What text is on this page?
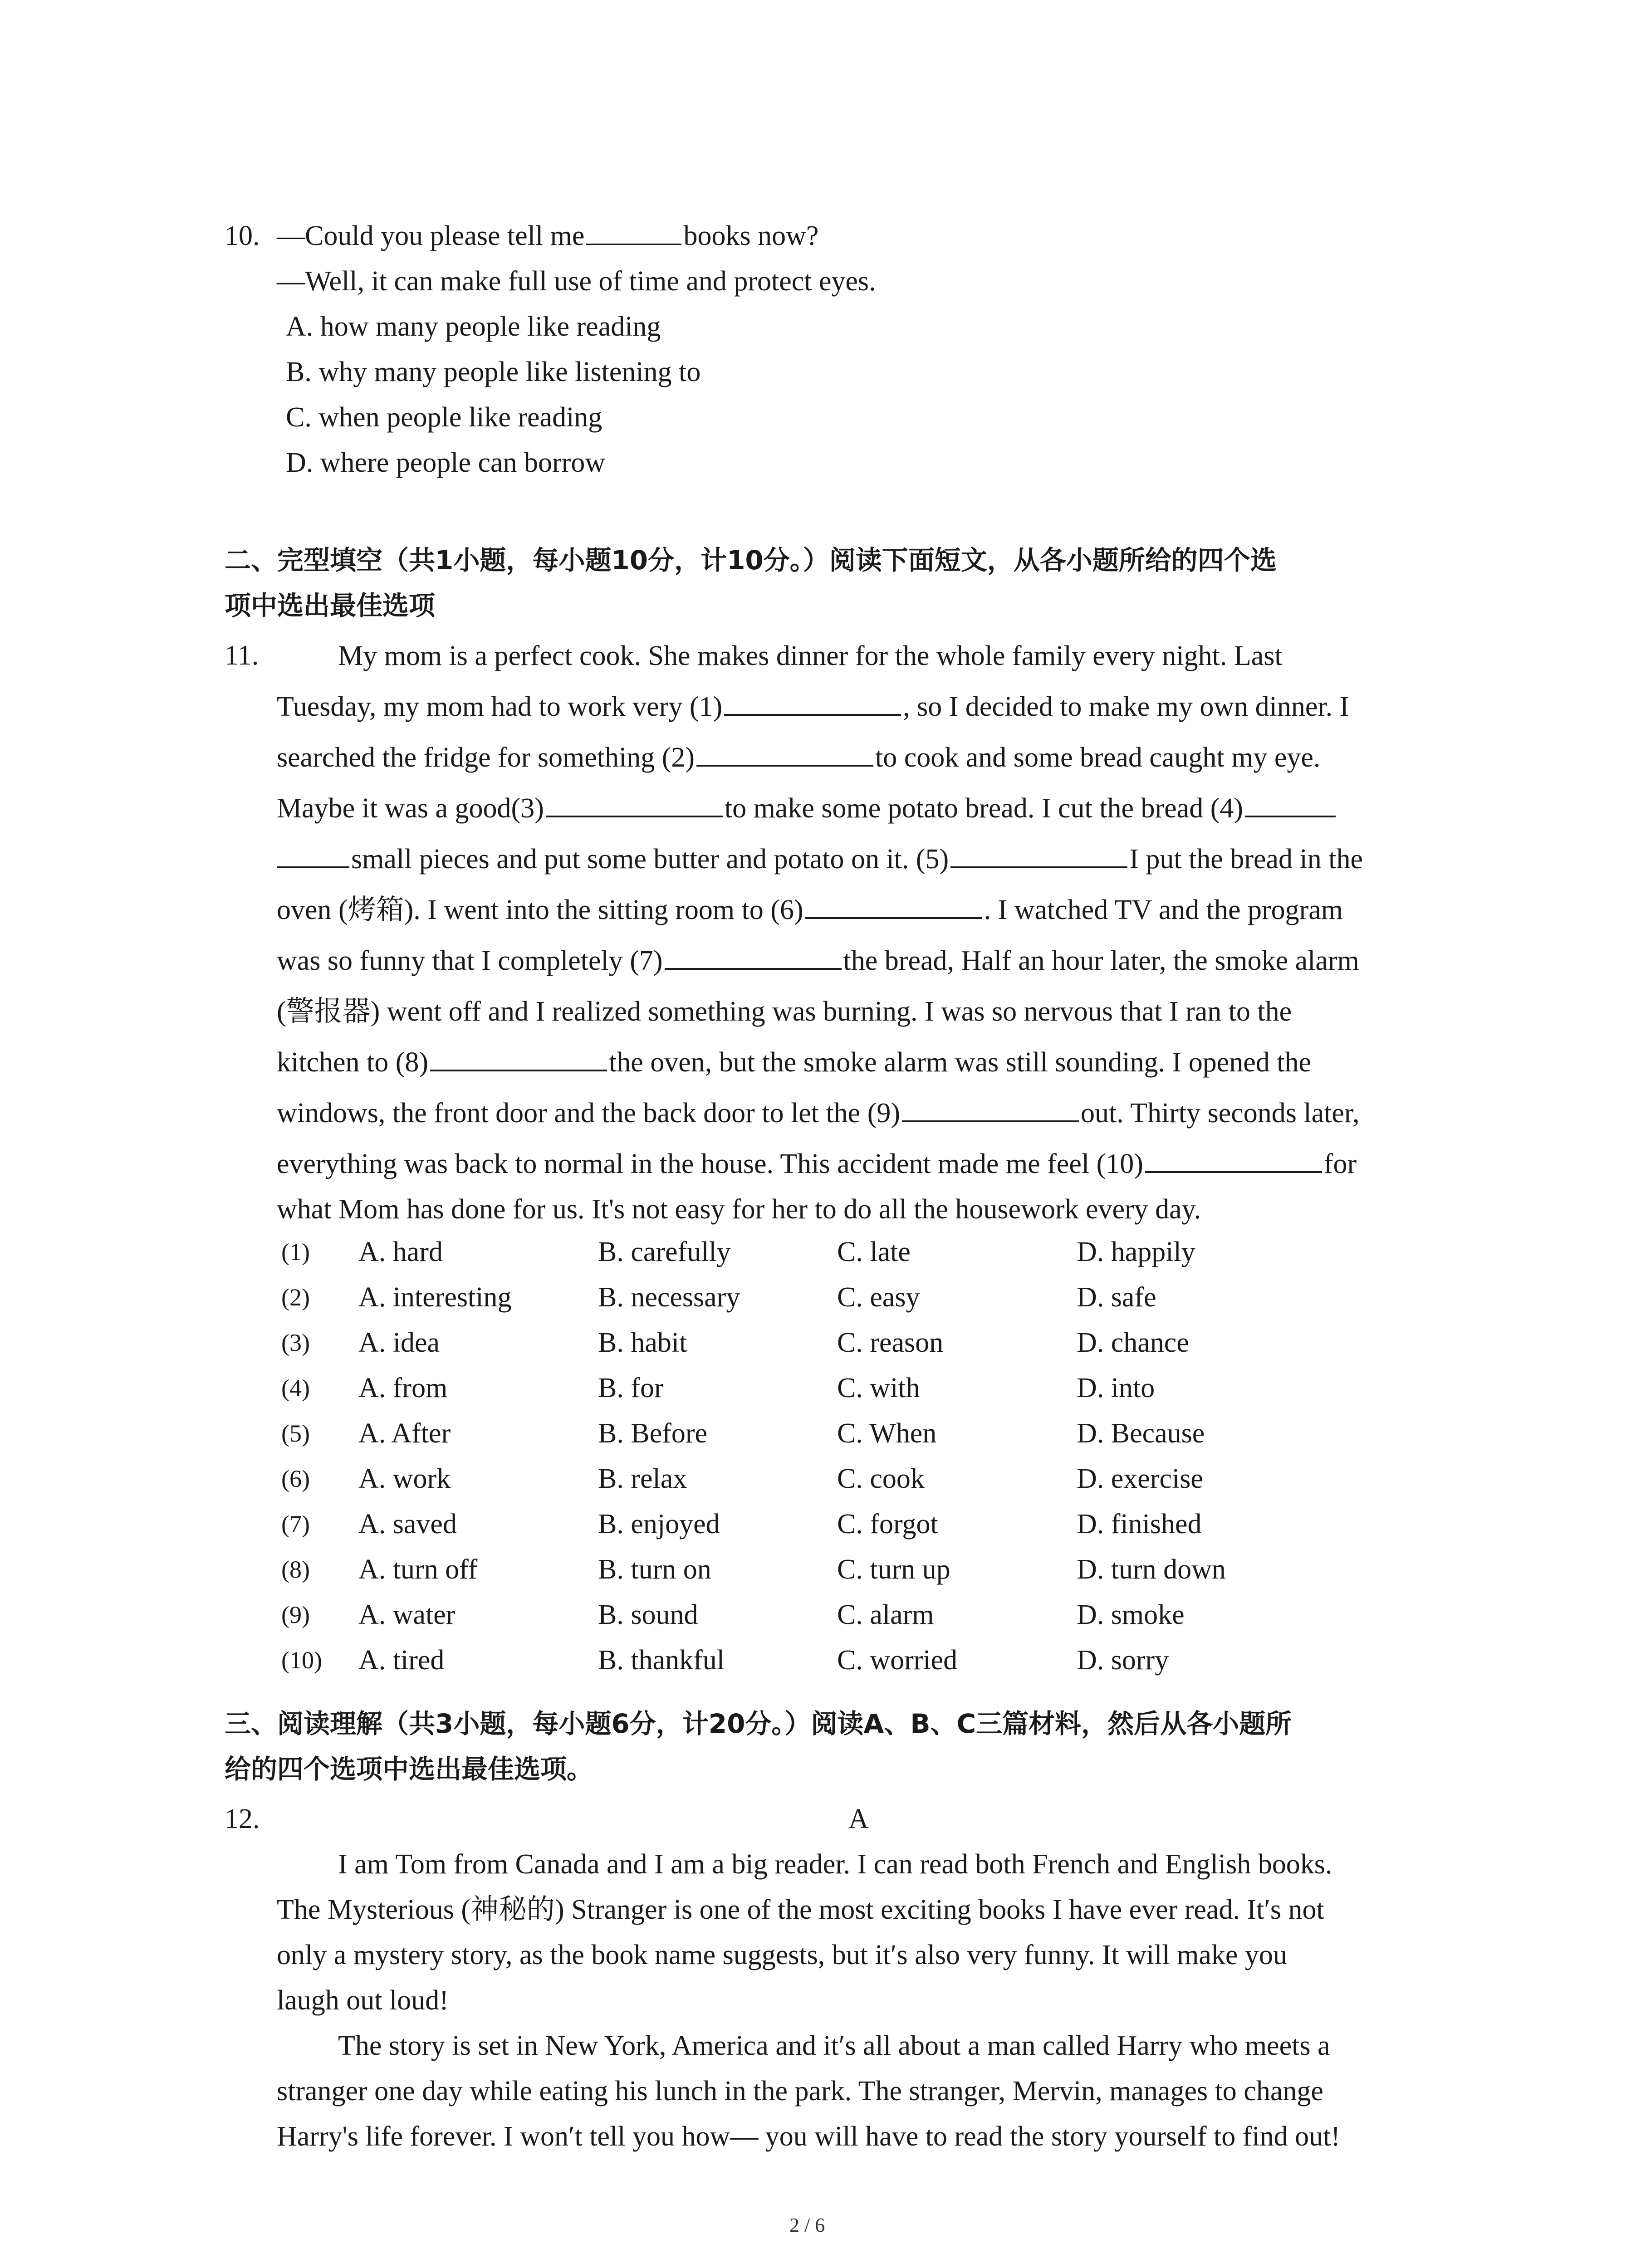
10. —Could you please tell me	books now?
—Well, it can make full use of time and protect eyes.
A. how many people like reading
B. why many people like listening to
C. when people like reading
D. where people can borrow
二、完型填空（共1小题，每小题10分，计10分。）阅读下面短文，从各小题所给的四个选
项中选出最佳选项
11.	My mom is a perfect cook. She makes dinner for the whole family every night. Last
Tuesday, my mom had to work very (1)	, so I decided to make my own dinner. I
searched the fridge for something (2)	to cook and some bread caught my eye.
Maybe it was a good(3)	to make some potato bread. I cut the bread (4)
small pieces and put some butter and potato on it. (5)	I put the bread in the
oven (烤箱). I went into the sitting room to (6)	. I watched TV and the program
was so funny that I completely (7)	the bread, Half an hour later, the smoke alarm
(警报器) went off and I realized something was burning. I was so nervous that I ran to the
kitchen to (8)	the oven, but the smoke alarm was still sounding. I opened the
windows, the front door and the back door to let the (9)	out. Thirty seconds later,
everything was back to normal in the house. This accident made me feel (10)	for
what Mom has done for us. It's not easy for her to do all the housework every day.
(1) A. hard	B. carefully	C. late	D. happily
(2) A. interesting	B. necessary	C. easy	D. safe
(3) A. idea	B. habit	C. reason	D. chance
(4) A. from	B. for	C. with	D. into
(5) A. After	B. Before	C. When	D. Because
(6) A. work	B. relax	C. cook	D. exercise
(7) A. saved	B. enjoyed	C. forgot	D. finished
(8) A. turn off	B. turn on	C. turn up	D. turn down
(9) A. water	B. sound	C. alarm	D. smoke
(10) A. tired	B. thankful	C. worried	D. sorry
三、阅读理解（共3小题，每小题6分，计20分。）阅读A、B、C三篇材料，然后从各小题所
给的四个选项中选出最佳选项。
12.	A
I am Tom from Canada and I am a big reader. I can read both French and English books.
The Mysterious (神秘的) Stranger is one of the most exciting books I have ever read. It′s not
only a mystery story, as the book name suggests, but it′s also very funny. It will make you
laugh out loud!
The story is set in New York, America and it′s all about a man called Harry who meets a
stranger one day while eating his lunch in the park. The stranger, Mervin, manages to change
Harry's life forever. I won′t tell you how— you will have to read the story yourself to find out!
2 / 6
